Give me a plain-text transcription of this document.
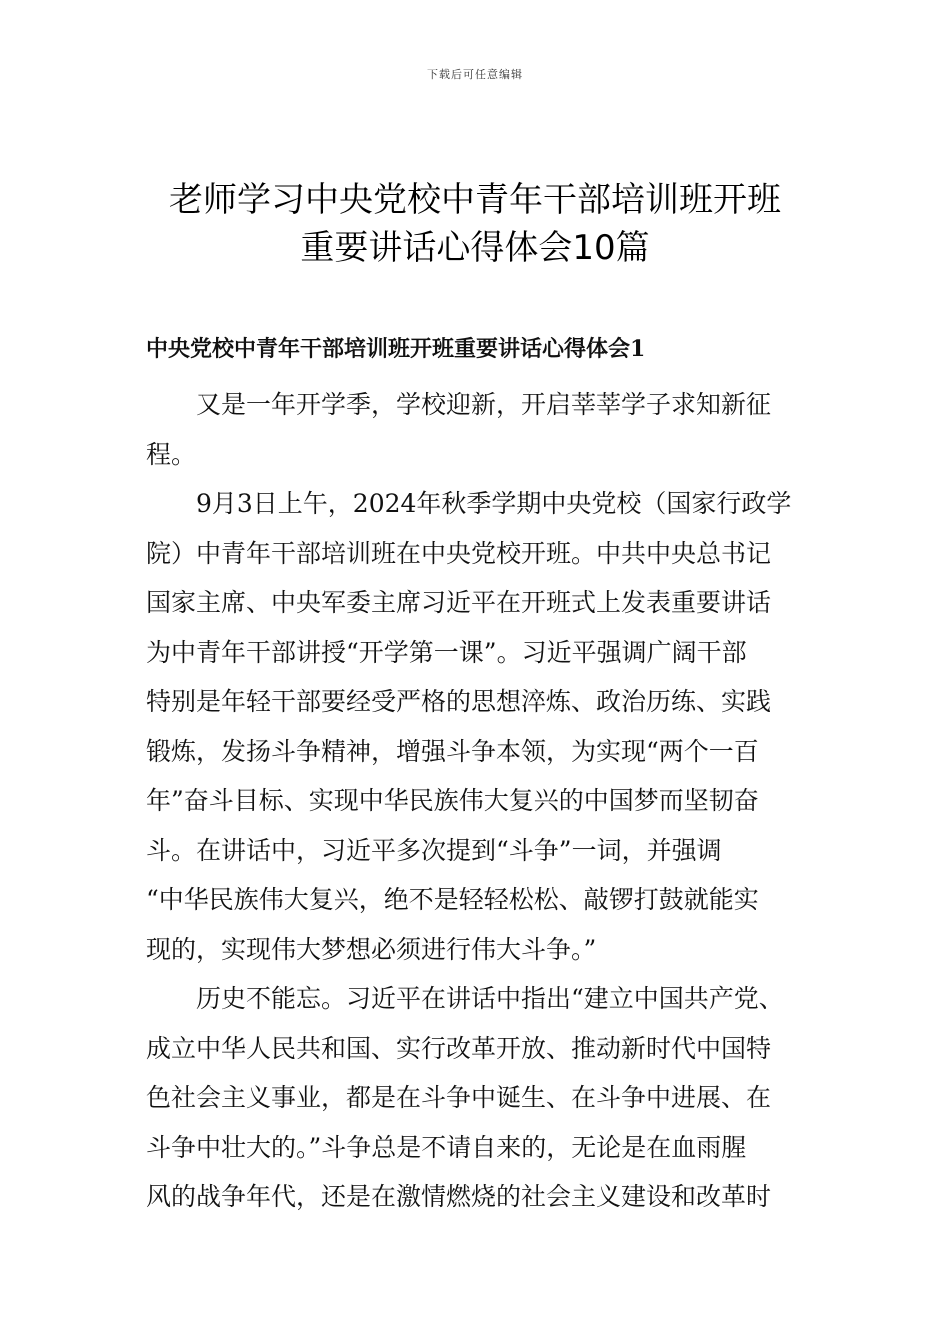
下载后可任意编辑
老师学习中央党校中青年干部培训班开班
重要讲话心得体会10篇
中央党校中青年干部培训班开班重要讲话心得体会1
又是一年开学季，学校迎新，开启莘莘学子求知新征
程。
9月3日上午，2024年秋季学期中央党校（国家行政学
院）中青年干部培训班在中央党校开班。中共中央总书记
国家主席、中央军委主席习近平在开班式上发表重要讲话
为中青年干部讲授“开学第一课”。习近平强调广阔干部
特别是年轻干部要经受严格的思想淬炼、政治历练、实践
锻炼，发扬斗争精神，增强斗争本领，为实现“两个一百
年”奋斗目标、实现中华民族伟大复兴的中国梦而坚韧奋
斗。在讲话中，习近平多次提到“斗争”一词，并强调
“中华民族伟大复兴，绝不是轻轻松松、敲锣打鼓就能实
现的，实现伟大梦想必须进行伟大斗争。”
历史不能忘。习近平在讲话中指出“建立中国共产党、
成立中华人民共和国、实行改革开放、推动新时代中国特
色社会主义事业，都是在斗争中诞生、在斗争中进展、在
斗争中壮大的。”斗争总是不请自来的，无论是在血雨腥
风的战争年代，还是在激情燃烧的社会主义建设和改革时
